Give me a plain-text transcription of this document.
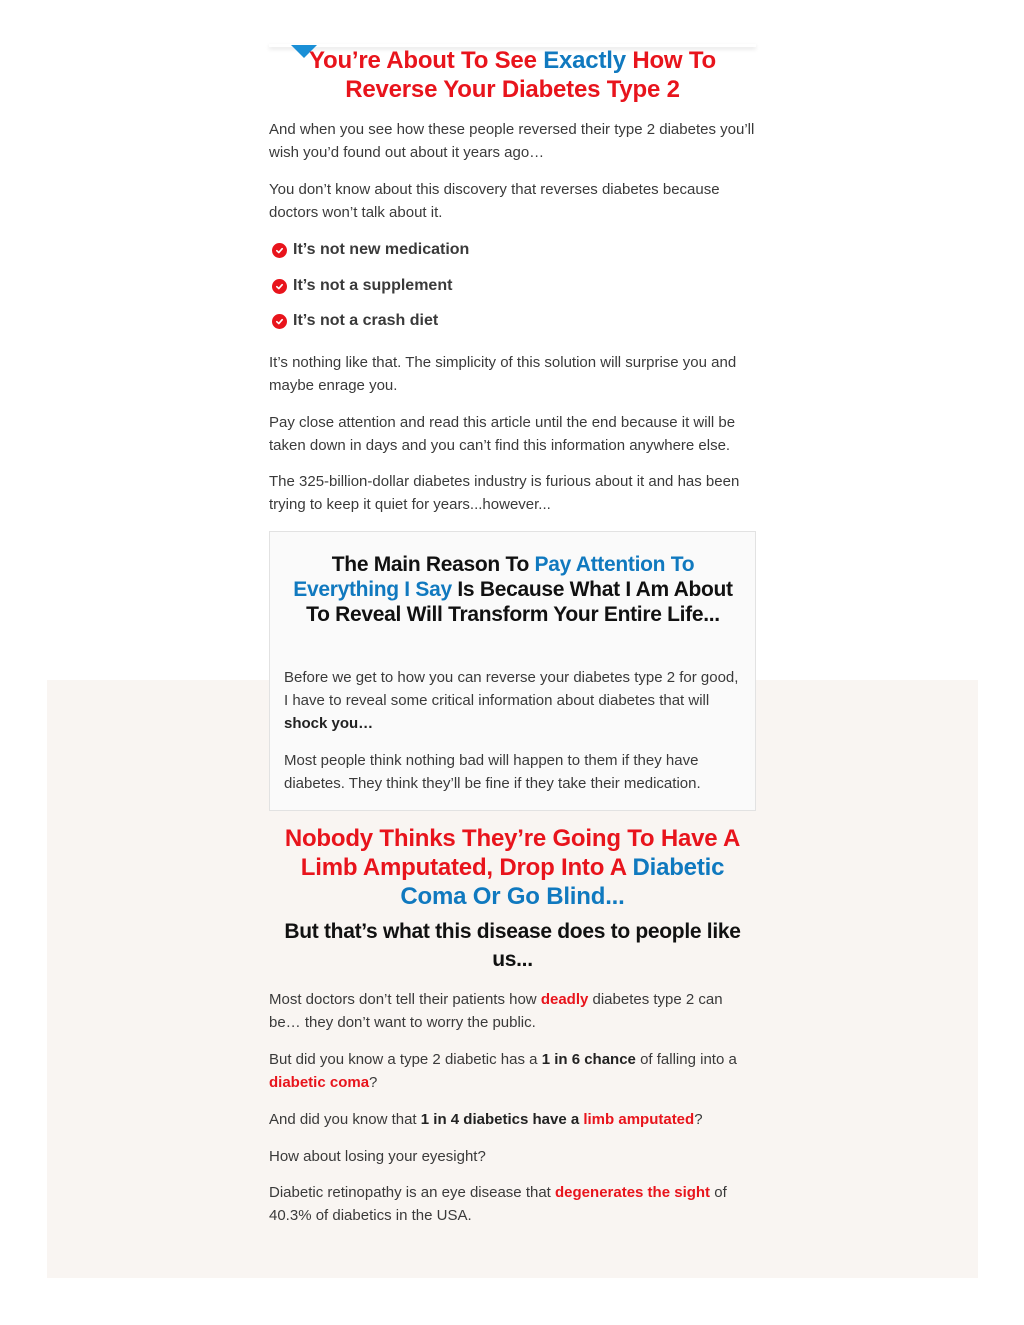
You’re About To See Exactly How To Reverse Your Diabetes Type 2

And when you see how these people reversed their type 2 diabetes you’ll wish you’d found out about it years ago…

You don’t know about this discovery that reverses diabetes because doctors won’t talk about it.

It’s not new medication
It’s not a supplement
It’s not a crash diet

It’s nothing like that. The simplicity of this solution will surprise you and maybe enrage you.

Pay close attention and read this article until the end because it will be taken down in days and you can’t find this information anywhere else.

The 325-billion-dollar diabetes industry is furious about it and has been trying to keep it quiet for years...however...

Nobody Thinks They’re Going To Have A Limb Amputated, Drop Into A Diabetic Coma Or Go Blind...
But that’s what this disease does to people like us...

Most doctors don’t tell their patients how deadly diabetes type 2 can be… they don’t want to worry the public.

But did you know a type 2 diabetic has a 1 in 6 chance of falling into a diabetic coma?

And did you know that 1 in 4 diabetics have a limb amputated?

How about losing your eyesight?

Diabetic retinopathy is an eye disease that degenerates the sight of 40.3% of diabetics in the USA.

The Main Reason To Pay Attention To Everything I Say Is Because What I Am About To Reveal Will Transform Your Entire Life...

Before we get to how you can reverse your diabetes type 2 for good, I have to reveal some critical information about diabetes that will shock you…

Most people think nothing bad will happen to them if they have diabetes. They think they’ll be fine if they take their medication.
